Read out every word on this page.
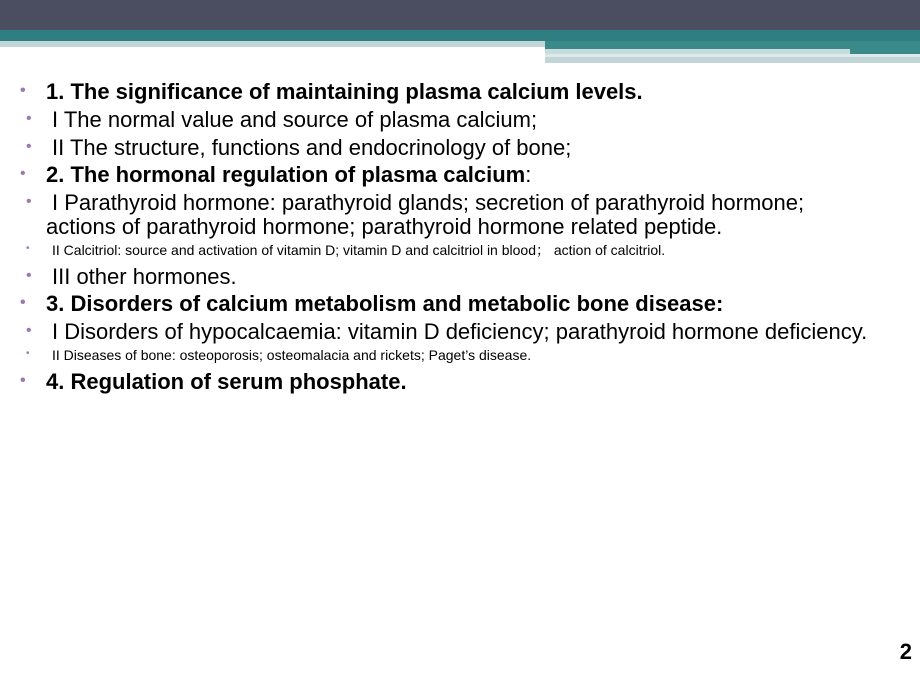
• 1. The significance of maintaining plasma calcium levels.
• I The normal value and source of plasma calcium;
• II The structure, functions and endocrinology of bone;
• 2. The hormonal regulation of plasma calcium:
• I Parathyroid hormone: parathyroid glands; secretion of parathyroid hormone; actions of parathyroid hormone; parathyroid hormone related peptide.
• II Calcitriol: source and activation of vitamin D; vitamin D and calcitriol in blood； action of calcitriol.
• III other hormones.
• 3. Disorders of calcium metabolism and metabolic bone disease:
• I Disorders of hypocalcaemia: vitamin D deficiency; parathyroid hormone deficiency.
• II Diseases of bone: osteoporosis; osteomalacia and rickets; Paget’s disease.
• 4. Regulation of serum phosphate.
2
